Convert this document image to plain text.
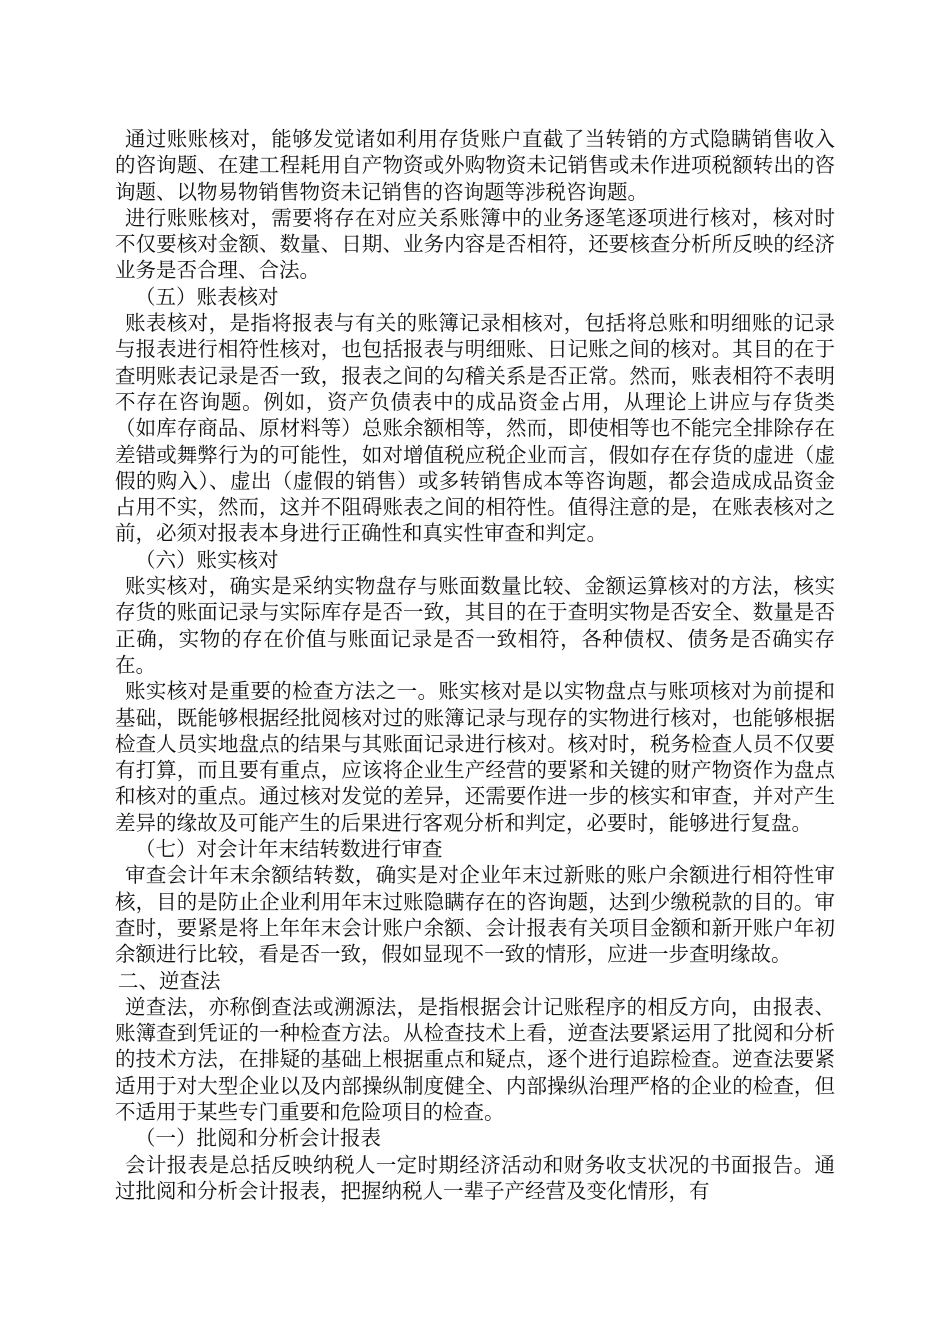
通过账账核对，能够发觉诸如利用存货账户直截了当转销的方式隐瞒销售收入的咨询题、在建工程耗用自产物资或外购物资未记销售或未作进项税额转出的咨询题、以物易物销售物资未记销售的咨询题等涉税咨询题。

进行账账核对，需要将存在对应关系账簿中的业务逐笔逐项进行核对，核对时不仅要核对金额、数量、日期、业务内容是否相符，还要核查分析所反映的经济业务是否合理、合法。

（五）账表核对

账表核对，是指将报表与有关的账簿记录相核对，包括将总账和明细账的记录与报表进行相符性核对，也包括报表与明细账、日记账之间的核对。其目的在于查明账表记录是否一致，报表之间的勾稽关系是否正常。然而，账表相符不表明不存在咨询题。例如，资产负债表中的成品资金占用，从理论上讲应与存货类（如库存商品、原材料等）总账余额相等，然而，即使相等也不能完全排除存在差错或舞弊行为的可能性，如对增值税应税企业而言，假如存在存货的虚进（虚假的购入）、虚出（虚假的销售）或多转销售成本等咨询题，都会造成成品资金占用不实，然而，这并不阻碍账表之间的相符性。值得注意的是，在账表核对之前，必须对报表本身进行正确性和真实性审查和判定。

（六）账实核对

账实核对，确实是采纳实物盘存与账面数量比较、金额运算核对的方法，核实存货的账面记录与实际库存是否一致，其目的在于查明实物是否安全、数量是否正确，实物的存在价值与账面记录是否一致相符，各种债权、债务是否确实存在。

账实核对是重要的检查方法之一。账实核对是以实物盘点与账项核对为前提和基础，既能够根据经批阅核对过的账簿记录与现存的实物进行核对，也能够根据检查人员实地盘点的结果与其账面记录进行核对。核对时，税务检查人员不仅要有打算，而且要有重点，应该将企业生产经营的要紧和关键的财产物资作为盘点和核对的重点。通过核对发觉的差异，还需要作进一步的核实和审查，并对产生差异的缘故及可能产生的后果进行客观分析和判定，必要时，能够进行复盘。

（七）对会计年末结转数进行审查

审查会计年末余额结转数，确实是对企业年末过新账的账户余额进行相符性审核，目的是防止企业利用年末过账隐瞒存在的咨询题，达到少缴税款的目的。审查时，要紧是将上年年末会计账户余额、会计报表有关项目金额和新开账户年初余额进行比较，看是否一致，假如显现不一致的情形，应进一步查明缘故。

二、逆查法

逆查法，亦称倒查法或溯源法，是指根据会计记账程序的相反方向，由报表、账簿查到凭证的一种检查方法。从检查技术上看，逆查法要紧运用了批阅和分析的技术方法，在排疑的基础上根据重点和疑点，逐个进行追踪检查。逆查法要紧适用于对大型企业以及内部操纵制度健全、内部操纵治理严格的企业的检查，但不适用于某些专门重要和危险项目的检查。

（一）批阅和分析会计报表

会计报表是总括反映纳税人一定时期经济活动和财务收支状况的书面报告。通过批阅和分析会计报表，把握纳税人一辈子产经营及变化情形，有
